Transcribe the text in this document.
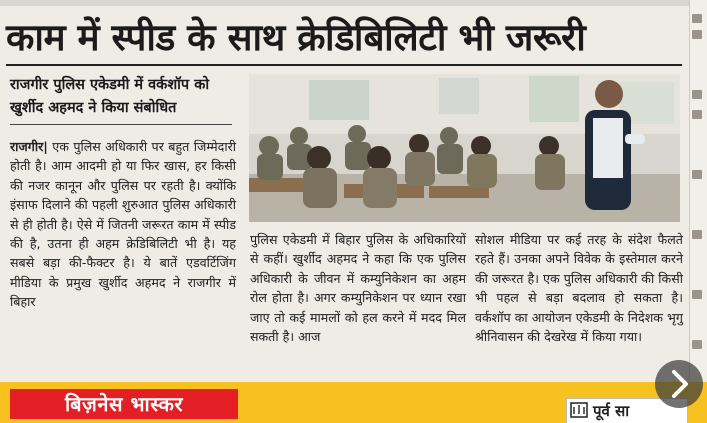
काम में स्पीड के साथ क्रेडिबिलिटी भी जरूरी
राजगीर पुलिस एकेडमी में वर्कशॉप को खुर्शीद अहमद ने किया संबोधित
राजगीर| एक पुलिस अधिकारी पर बहुत जिम्मेदारी होती है। आम आदमी हो या फिर खास, हर किसी की नजर कानून और पुलिस पर रहती है। क्योंकि इंसाफ दिलाने की पहली शुरुआत पुलिस अधिकारी से ही होती है। ऐसे में जितनी जरूरत काम में स्पीड की है, उतना ही अहम क्रेडिबिलिटी भी है। यह सबसे बड़ा की-फैक्टर है। ये बातें एडवर्टिजिंग मीडिया के प्रमुख खुर्शीद अहमद ने राजगीर में बिहार
पुलिस एकेडमी में बिहार पुलिस के अधिकारियों से कहीं। खुर्शीद अहमद ने कहा कि एक पुलिस अधिकारी के जीवन में कम्युनिकेशन का अहम रोल होता है। अगर कम्युनिकेशन पर ध्यान रखा जाए तो कई मामलों को हल करने में मदद मिल सकती है। आज
सोशल मीडिया पर कई तरह के संदेश फैलते रहते हैं। उनका अपने विवेक के इस्तेमाल करने की जरूरत है। एक पुलिस अधिकारी की किसी भी पहल से बड़ा बदलाव हो सकता है। वर्कशॉप का आयोजन एकेडमी के निदेशक भृगु श्रीनिवासन की देखरेख में किया गया।
बिज़नेस भास्कर	पूर्व सा
